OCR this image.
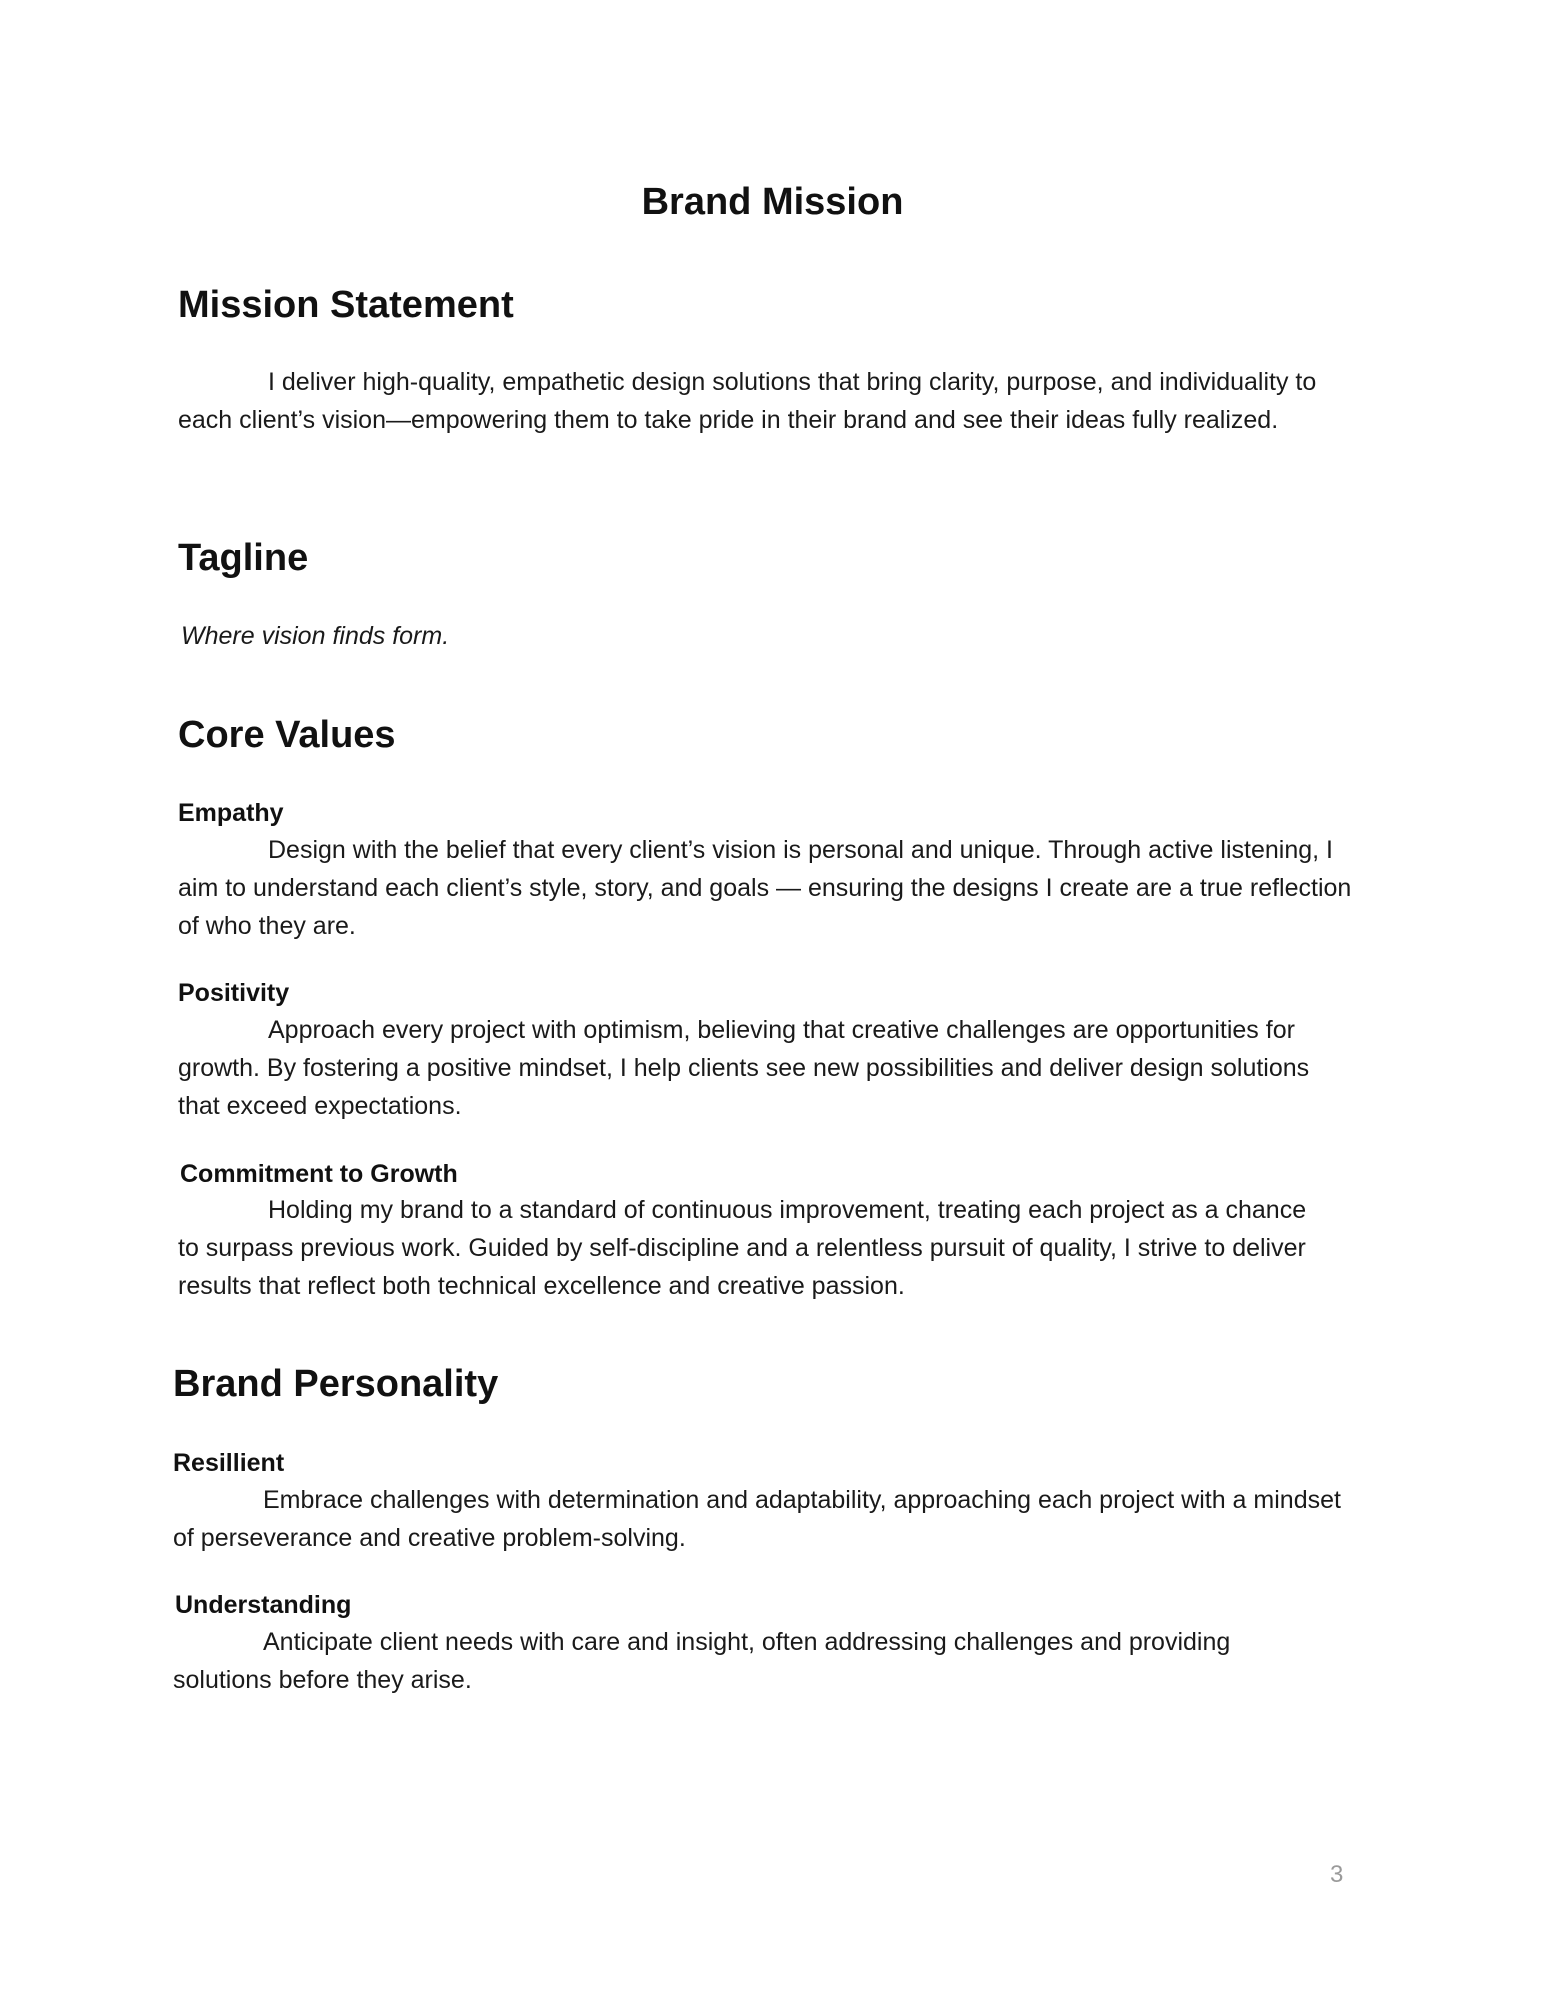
Brand Mission
Mission Statement

I deliver high-quality, empathetic design solutions that bring clarity, purpose, and individuality to each client’s vision—empowering them to take pride in their brand and see their ideas fully realized.

Tagline

Where vision finds form.

Core Values
Empathy

Design with the belief that every client’s vision is personal and unique. Through active listening, I aim to understand each client’s style, story, and goals — ensuring the designs I create are a true reflection of who they are.

Positivity

Approach every project with optimism, believing that creative challenges are opportunities for growth. By fostering a positive mindset, I help clients see new possibilities and deliver design solutions that exceed expectations.

Commitment to Growth

Holding my brand to a standard of continuous improvement, treating each project as a chance to surpass previous work. Guided by self-discipline and a relentless pursuit of quality, I strive to deliver results that reflect both technical excellence and creative passion.

Brand Personality
Resillient

Embrace challenges with determination and adaptability, approaching each project with a mindset of perseverance and creative problem-solving.

Understanding

Anticipate client needs with care and insight, often addressing challenges and providing solutions before they arise.

3
